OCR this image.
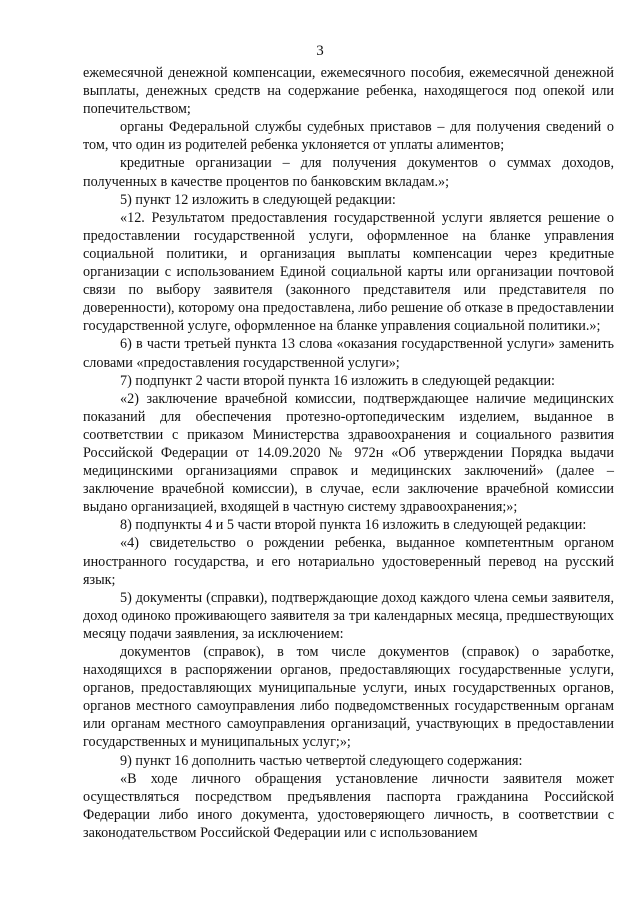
3

ежемесячной денежной компенсации, ежемесячного пособия, ежемесячной денежной выплаты, денежных средств на содержание ребенка, находящегося под опекой или попечительством;

органы Федеральной службы судебных приставов – для получения сведений о том, что один из родителей ребенка уклоняется от уплаты алиментов;

кредитные организации – для получения документов о суммах доходов, полученных в качестве процентов по банковским вкладам.»;

5) пункт 12 изложить в следующей редакции:

«12. Результатом предоставления государственной услуги является решение о предоставлении государственной услуги, оформленное на бланке управления социальной политики, и организация выплаты компенсации через кредитные организации с использованием Единой социальной карты или организации почтовой связи по выбору заявителя (законного представителя или представителя по доверенности), которому она предоставлена, либо решение об отказе в предоставлении государственной услуге, оформленное на бланке управления социальной политики.»;

6) в части третьей пункта 13 слова «оказания государственной услуги» заменить словами «предоставления государственной услуги»;

7) подпункт 2 части второй пункта 16 изложить в следующей редакции:

«2) заключение врачебной комиссии, подтверждающее наличие медицинских показаний для обеспечения протезно-ортопедическим изделием, выданное в соответствии с приказом Министерства здравоохранения и социального развития Российской Федерации от 14.09.2020 № 972н «Об утверждении Порядка выдачи медицинскими организациями справок и медицинских заключений» (далее – заключение врачебной комиссии), в случае, если заключение врачебной комиссии выдано организацией, входящей в частную систему здравоохранения;»;

8) подпункты 4 и 5 части второй пункта 16 изложить в следующей редакции:

«4) свидетельство о рождении ребенка, выданное компетентным органом иностранного государства, и его нотариально удостоверенный перевод на русский язык;

5) документы (справки), подтверждающие доход каждого члена семьи заявителя, доход одиноко проживающего заявителя за три календарных месяца, предшествующих месяцу подачи заявления, за исключением:

документов (справок), в том числе документов (справок) о заработке, находящихся в распоряжении органов, предоставляющих государственные услуги, органов, предоставляющих муниципальные услуги, иных государственных органов, органов местного самоуправления либо подведомственных государственным органам или органам местного самоуправления организаций, участвующих в предоставлении государственных и муниципальных услуг;»;

9) пункт 16 дополнить частью четвертой следующего содержания:

«В ходе личного обращения установление личности заявителя может осуществляться посредством предъявления паспорта гражданина Российской Федерации либо иного документа, удостоверяющего личность, в соответствии с законодательством Российской Федерации или с использованием
